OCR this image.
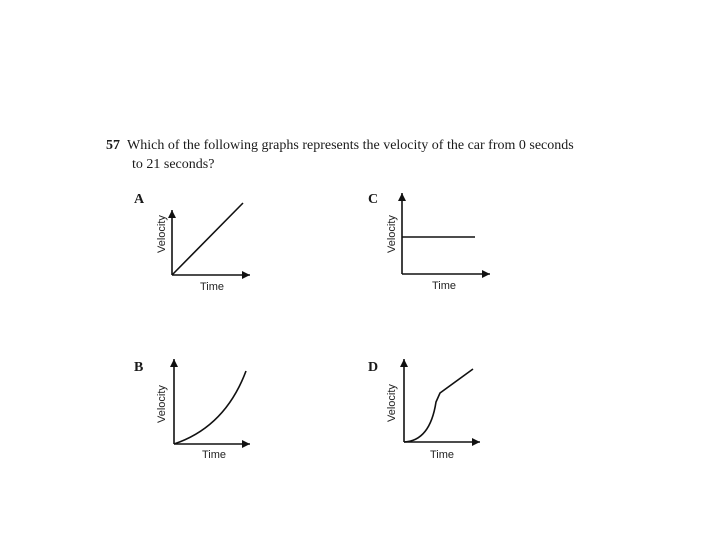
57 Which of the following graphs represents the velocity of the car from 0 seconds
to 21 seconds?
A
Time
Velocity
C
Time
Velocity
B
Time
Velocity
D
Time
Velocity
